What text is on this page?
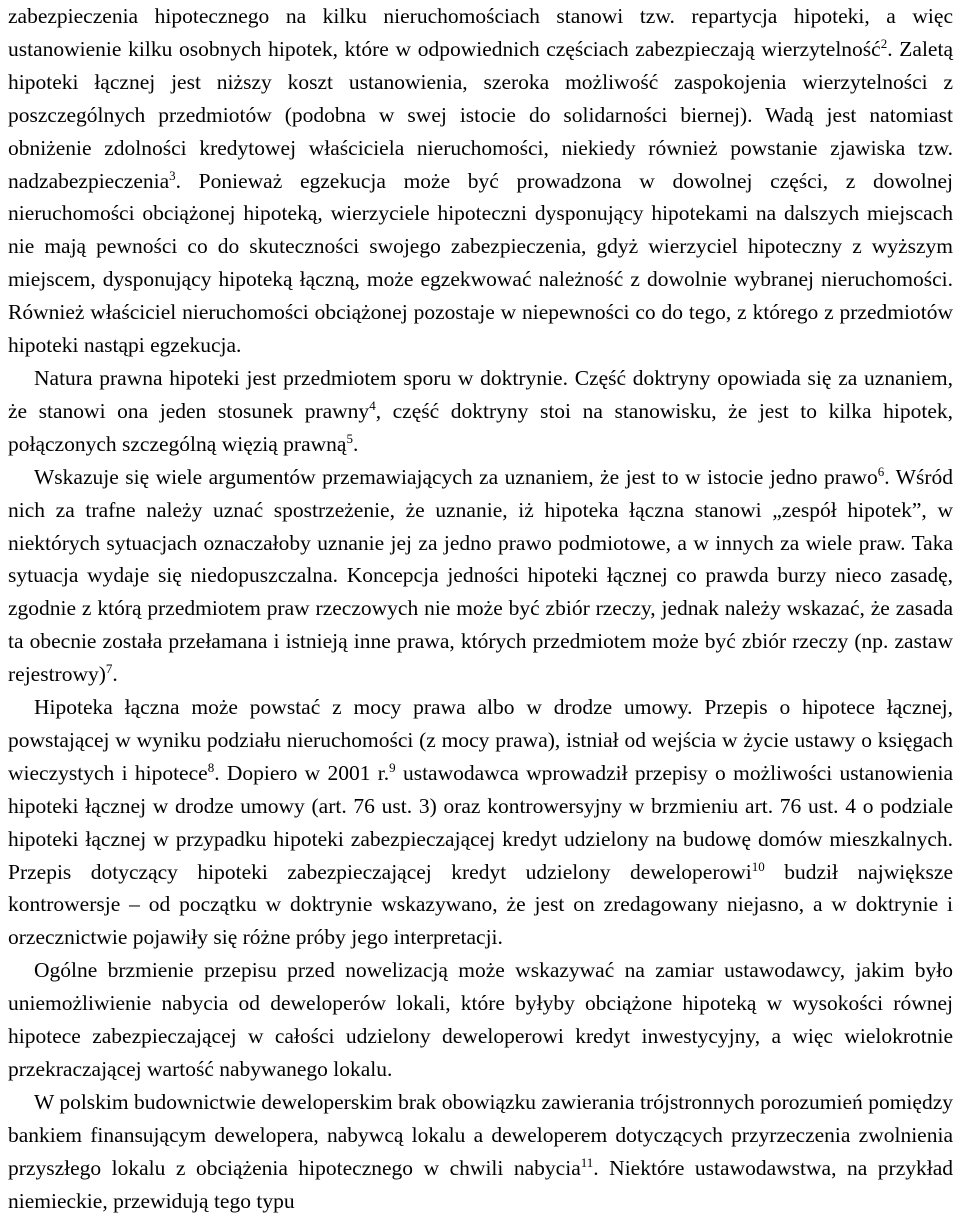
zabezpieczenia hipotecznego na kilku nieruchomościach stanowi tzw. repartycja hipoteki, a więc ustanowienie kilku osobnych hipotek, które w odpowiednich częściach zabezpieczają wierzytelność$^2$. Zaletą hipoteki łącznej jest niższy koszt ustanowienia, szeroka możliwość zaspokojenia wierzytelności z poszczególnych przedmiotów (podobna w swej istocie do solidarności biernej). Wadą jest natomiast obniżenie zdolności kredytowej właściciela nieruchomości, niekiedy również powstanie zjawiska tzw. nadzabezpieczenia$^3$. Ponieważ egzekucja może być prowadzona w dowolnej części, z dowolnej nieruchomości obciążonej hipoteką, wierzyciele hipoteczni dysponujący hipotekami na dalszych miejscach nie mają pewności co do skuteczności swojego zabezpieczenia, gdyż wierzyciel hipoteczny z wyższym miejscem, dysponujący hipoteką łączną, może egzekwować należność z dowolnie wybranej nieruchomości. Również właściciel nieruchomości obciążonej pozostaje w niepewności co do tego, z którego z przedmiotów hipoteki nastąpi egzekucja.

Natura prawna hipoteki jest przedmiotem sporu w doktrynie. Część doktryny opowiada się za uznaniem, że stanowi ona jeden stosunek prawny$^4$, część doktryny stoi na stanowisku, że jest to kilka hipotek, połączonych szczególną więzią prawną$^5$.

Wskazuje się wiele argumentów przemawiających za uznaniem, że jest to w istocie jedno prawo$^6$. Wśród nich za trafne należy uznać spostrzeżenie, że uznanie, iż hipoteka łączna stanowi „zespół hipotek”, w niektórych sytuacjach oznaczałoby uznanie jej za jedno prawo podmiotowe, a w innych za wiele praw. Taka sytuacja wydaje się niedopuszczalna. Koncepcja jedności hipoteki łącznej co prawda burzy nieco zasadę, zgodnie z którą przedmiotem praw rzeczowych nie może być zbiór rzeczy, jednak należy wskazać, że zasada ta obecnie została przełamana i istnieją inne prawa, których przedmiotem może być zbiór rzeczy (np. zastaw rejestrowy)$^7$.

Hipoteka łączna może powstać z mocy prawa albo w drodze umowy. Przepis o hipotece łącznej, powstającej w wyniku podziału nieruchomości (z mocy prawa), istniał od wejścia w życie ustawy o księgach wieczystych i hipotece$^8$. Dopiero w 2001 r.$^9$ ustawodawca wprowadził przepisy o możliwości ustanowienia hipoteki łącznej w drodze umowy (art. 76 ust. 3) oraz kontrowersyjny w brzmieniu art. 76 ust. 4 o podziale hipoteki łącznej w przypadku hipoteki zabezpieczającej kredyt udzielony na budowę domów mieszkalnych. Przepis dotyczący hipoteki zabezpieczającej kredyt udzielony deweloperowi$^{10}$ budził największe kontrowersje – od początku w doktrynie wskazywano, że jest on zredagowany niejasno, a w doktrynie i orzecznictwie pojawiły się różne próby jego interpretacji.

Ogólne brzmienie przepisu przed nowelizacją może wskazywać na zamiar ustawodawcy, jakim było uniemożliwienie nabycia od deweloperów lokali, które byłyby obciążone hipoteką w wysokości równej hipotece zabezpieczającej w całości udzielony deweloperowi kredyt inwestycyjny, a więc wielokrotnie przekraczającej wartość nabywanego lokalu.

W polskim budownictwie deweloperskim brak obowiązku zawierania trójstronnych porozumień pomiędzy bankiem finansującym dewelopera, nabywcą lokalu a deweloperem dotyczących przyrzeczenia zwolnienia przyszłego lokalu z obciążenia hipotecznego w chwili nabycia$^{11}$. Niektóre ustawodawstwa, na przykład niemieckie, przewidują tego typu
